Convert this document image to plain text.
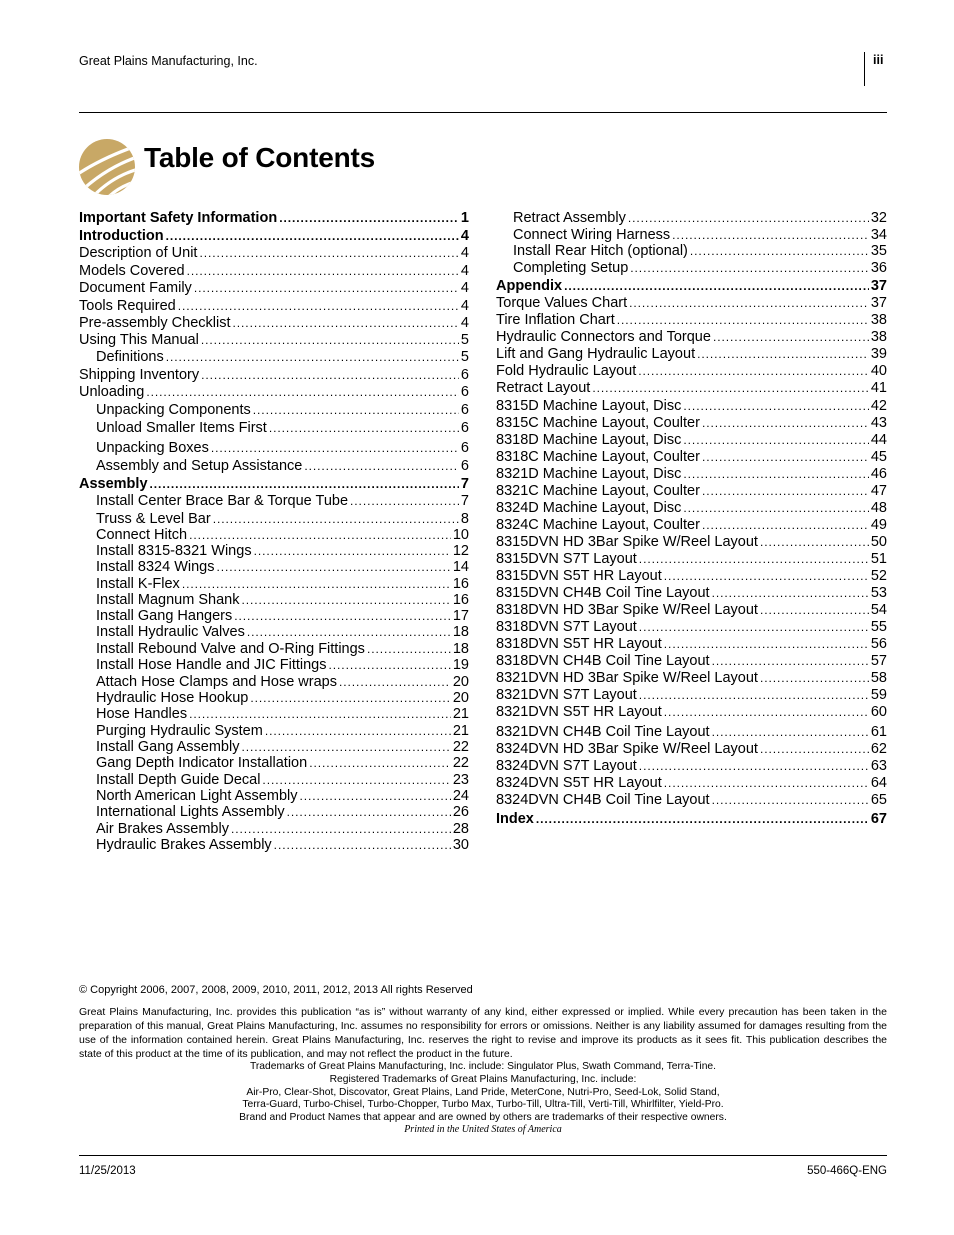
Great Plains Manufacturing, Inc.	iii
Table of Contents
Important Safety Information . . .	1
Introduction . . .	4
Description of Unit . . .	4
Models Covered . . .	4
Document Family . . .	4
Tools Required . . .	4
Pre-assembly Checklist . . .	4
Using This Manual . . .	5
Definitions . . .	5
Shipping Inventory . . .	6
Unloading . . .	6
Unpacking Components . . .	6
Unload Smaller Items First . . .	6
Unpacking Boxes . . .	6
Assembly and Setup Assistance . . .	6
Assembly . . .	7
Install Center Brace Bar & Torque Tube . . .	7
Truss & Level Bar . . .	8
Connect Hitch . . .	10
Install 8315-8321 Wings . . .	12
Install 8324 Wings . . .	14
Install K-Flex . . .	16
Install Magnum Shank . . .	16
Install Gang Hangers . . .	17
Install Hydraulic Valves . . .	18
Install Rebound Valve and O-Ring Fittings . . .	18
Install Hose Handle and JIC Fittings . . .	19
Attach Hose Clamps and Hose wraps . . .	20
Hydraulic Hose Hookup . . .	20
Hose Handles . . .	21
Purging Hydraulic System . . .	21
Install Gang Assembly . . .	22
Gang Depth Indicator Installation . . .	22
Install Depth Guide Decal . . .	23
North American Light Assembly . . .	24
International Lights Assembly . . .	26
Air Brakes Assembly . . .	28
Hydraulic Brakes Assembly . . .	30
Retract Assembly . . .	32
Connect Wiring Harness . . .	34
Install Rear Hitch (optional) . . .	35
Completing Setup . . .	36
Appendix . . .	37
Torque Values Chart . . .	37
Tire Inflation Chart . . .	38
Hydraulic Connectors and Torque . . .	38
Lift and Gang Hydraulic Layout . . .	39
Fold Hydraulic Layout . . .	40
Retract Layout . . .	41
8315D Machine Layout, Disc . . .	42
8315C Machine Layout, Coulter . . .	43
8318D Machine Layout, Disc . . .	44
8318C Machine Layout, Coulter . . .	45
8321D Machine Layout, Disc . . .	46
8321C Machine Layout, Coulter . . .	47
8324D Machine Layout, Disc . . .	48
8324C Machine Layout, Coulter . . .	49
8315DVN HD 3Bar Spike W/Reel Layout . . .	50
8315DVN S7T Layout . . .	51
8315DVN S5T HR Layout . . .	52
8315DVN CH4B Coil Tine Layout . . .	53
8318DVN HD 3Bar Spike W/Reel Layout . . .	54
8318DVN S7T Layout . . .	55
8318DVN S5T HR Layout . . .	56
8318DVN CH4B Coil Tine Layout . . .	57
8321DVN HD 3Bar Spike W/Reel Layout . . .	58
8321DVN S7T Layout . . .	59
8321DVN S5T HR Layout . . .	60
8321DVN CH4B Coil Tine Layout . . .	61
8324DVN HD 3Bar Spike W/Reel Layout . . .	62
8324DVN S7T Layout . . .	63
8324DVN S5T HR Layout . . .	64
8324DVN CH4B Coil Tine Layout . . .	65
Index . . .	67
© Copyright 2006, 2007, 2008, 2009, 2010, 2011, 2012, 2013 All rights Reserved
Great Plains Manufacturing, Inc. provides this publication “as is” without warranty of any kind, either expressed or implied. While every precaution has been taken in the preparation of this manual, Great Plains Manufacturing, Inc. assumes no responsibility for errors or omissions. Neither is any liability assumed for damages resulting from the use of the information contained herein. Great Plains Manufacturing, Inc. reserves the right to revise and improve its products as it sees fit. This publication describes the state of this product at the time of its publication, and may not reflect the product in the future.
Trademarks of Great Plains Manufacturing, Inc. include: Singulator Plus, Swath Command, Terra-Tine.
Registered Trademarks of Great Plains Manufacturing, Inc. include:
Air-Pro, Clear-Shot, Discovator, Great Plains, Land Pride, MeterCone, Nutri-Pro, Seed-Lok, Solid Stand,
Terra-Guard, Turbo-Chisel, Turbo-Chopper, Turbo Max, Turbo-Till, Ultra-Till, Verti-Till, Whirlfilter, Yield-Pro.
Brand and Product Names that appear and are owned by others are trademarks of their respective owners.
Printed in the United States of America
11/25/2013	550-466Q-ENG
